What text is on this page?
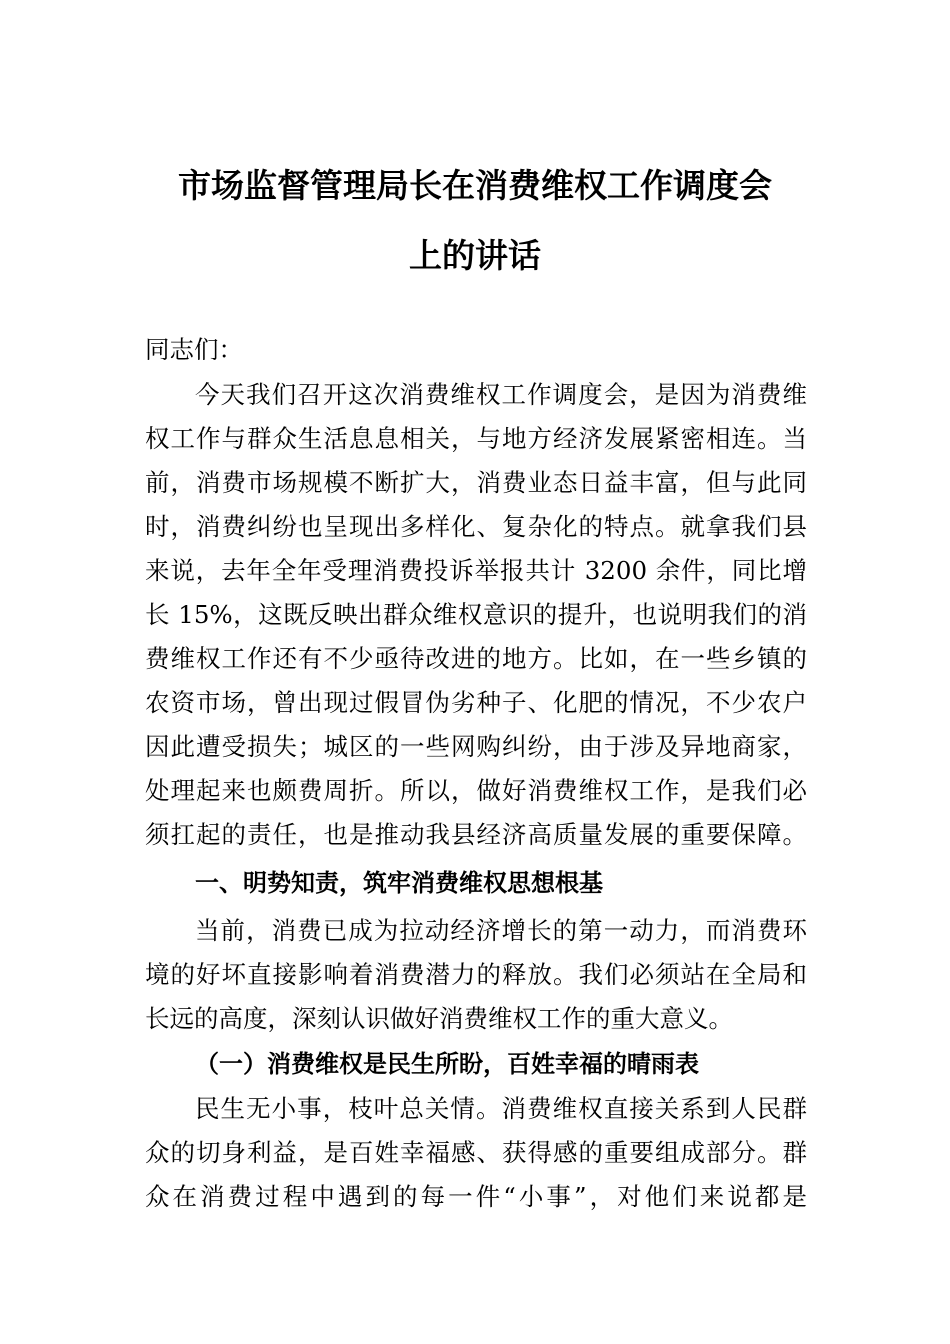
市场监督管理局长在消费维权工作调度会
上的讲话
同志们：
今天我们召开这次消费维权工作调度会，是因为消费维
权工作与群众生活息息相关，与地方经济发展紧密相连。当
前，消费市场规模不断扩大，消费业态日益丰富，但与此同
时，消费纠纷也呈现出多样化、复杂化的特点。就拿我们县
来说，去年全年受理消费投诉举报共计 3200 余件，同比增
长 15%，这既反映出群众维权意识的提升，也说明我们的消
费维权工作还有不少亟待改进的地方。比如，在一些乡镇的
农资市场，曾出现过假冒伪劣种子、化肥的情况，不少农户
因此遭受损失；城区的一些网购纠纷，由于涉及异地商家，
处理起来也颇费周折。所以，做好消费维权工作，是我们必
须扛起的责任，也是推动我县经济高质量发展的重要保障。
一、明势知责，筑牢消费维权思想根基
当前，消费已成为拉动经济增长的第一动力，而消费环
境的好坏直接影响着消费潜力的释放。我们必须站在全局和
长远的高度，深刻认识做好消费维权工作的重大意义。
（一）消费维权是民生所盼，百姓幸福的晴雨表
民生无小事，枝叶总关情。消费维权直接关系到人民群
众的切身利益，是百姓幸福感、获得感的重要组成部分。群
众在消费过程中遇到的每一件“小事”，对他们来说都是
